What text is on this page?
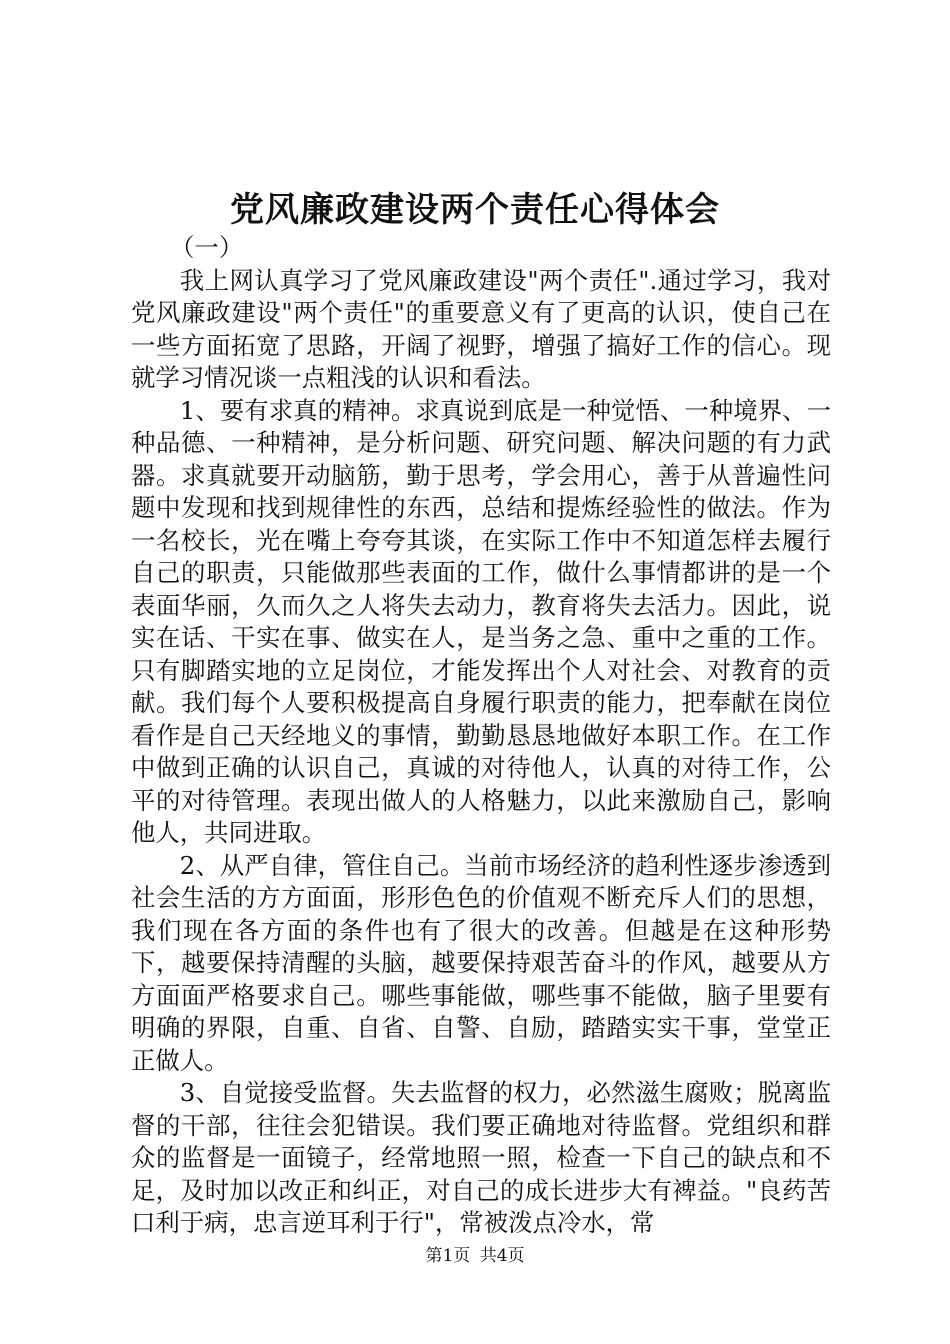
党风廉政建设两个责任心得体会

（一）

我上网认真学习了党风廉政建设"两个责任".通过学习，我对党风廉政建设"两个责任"的重要意义有了更高的认识，使自己在一些方面拓宽了思路，开阔了视野，增强了搞好工作的信心。现就学习情况谈一点粗浅的认识和看法。

1、要有求真的精神。求真说到底是一种觉悟、一种境界、一种品德、一种精神，是分析问题、研究问题、解决问题的有力武器。求真就要开动脑筋，勤于思考，学会用心，善于从普遍性问题中发现和找到规律性的东西，总结和提炼经验性的做法。作为一名校长，光在嘴上夸夸其谈，在实际工作中不知道怎样去履行自己的职责，只能做那些表面的工作，做什么事情都讲的是一个表面华丽，久而久之人将失去动力，教育将失去活力。因此，说实在话、干实在事、做实在人，是当务之急、重中之重的工作。只有脚踏实地的立足岗位，才能发挥出个人对社会、对教育的贡献。我们每个人要积极提高自身履行职责的能力，把奉献在岗位看作是自己天经地义的事情，勤勤恳恳地做好本职工作。在工作中做到正确的认识自己，真诚的对待他人，认真的对待工作，公平的对待管理。表现出做人的人格魅力，以此来激励自己，影响他人，共同进取。

2、从严自律，管住自己。当前市场经济的趋利性逐步渗透到社会生活的方方面面，形形色色的价值观不断充斥人们的思想，我们现在各方面的条件也有了很大的改善。但越是在这种形势下，越要保持清醒的头脑，越要保持艰苦奋斗的作风，越要从方方面面严格要求自己。哪些事能做，哪些事不能做，脑子里要有明确的界限，自重、自省、自警、自励，踏踏实实干事，堂堂正正做人。

3、自觉接受监督。失去监督的权力，必然滋生腐败；脱离监督的干部，往往会犯错误。我们要正确地对待监督。党组织和群众的监督是一面镜子，经常地照一照，检查一下自己的缺点和不足，及时加以改正和纠正，对自己的成长进步大有裨益。"良药苦口利于病，忠言逆耳利于行"，常被泼点冷水，常

第1页 共4页
